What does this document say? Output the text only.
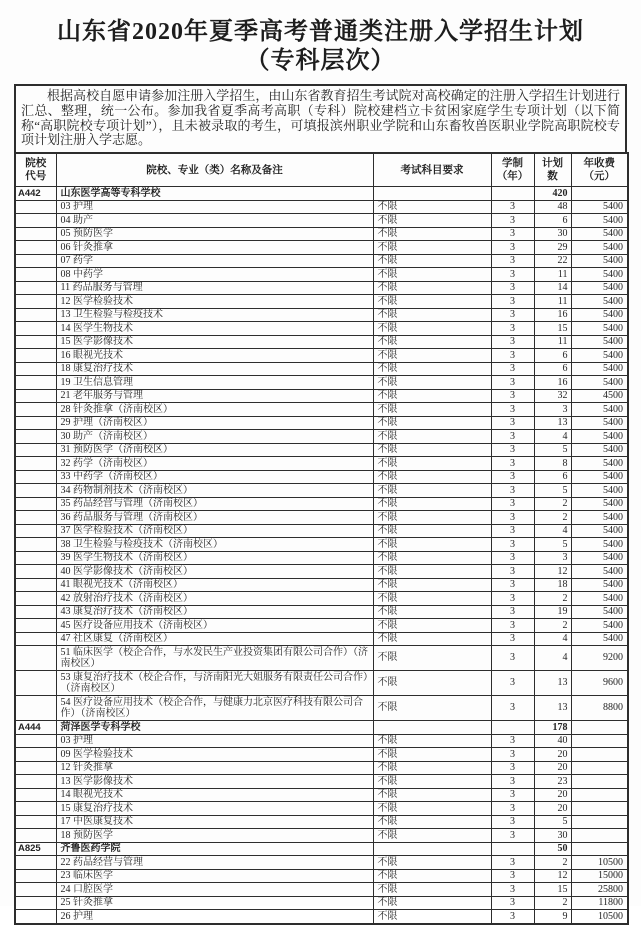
山东省2020年夏季高考普通类注册入学招生计划
（专科层次）

根据高校自愿申请参加注册入学招生，由山东省教育招生考试院对高校确定的注册入学招生计划进行汇总、整理，统一公布。参加我省夏季高考高职（专科）院校建档立卡贫困家庭学生专项计划（以下简称“高职院校专项计划”），且未被录取的考生，可填报滨州职业学院和山东畜牧兽医职业学院高职院校专项计划注册入学志愿。

院校
代号	院校、专业（类）名称及备注	考试科目要求	学制
（年）	计划
数	年收费
（元）
A442	山东医学高等专科学校			420	
	03 护理	不限	3	48	5400
	04 助产	不限	3	6	5400
	05 预防医学	不限	3	30	5400
	06 针灸推拿	不限	3	29	5400
	07 药学	不限	3	22	5400
	08 中药学	不限	3	11	5400
	11 药品服务与管理	不限	3	14	5400
	12 医学检验技术	不限	3	11	5400
	13 卫生检验与检疫技术	不限	3	16	5400
	14 医学生物技术	不限	3	15	5400
	15 医学影像技术	不限	3	11	5400
	16 眼视光技术	不限	3	6	5400
	18 康复治疗技术	不限	3	6	5400
	19 卫生信息管理	不限	3	16	5400
	21 老年服务与管理	不限	3	32	4500
	28 针灸推拿（济南校区）	不限	3	3	5400
	29 护理（济南校区）	不限	3	13	5400
	30 助产（济南校区）	不限	3	4	5400
	31 预防医学（济南校区）	不限	3	5	5400
	32 药学（济南校区）	不限	3	8	5400
	33 中药学（济南校区）	不限	3	6	5400
	34 药物制剂技术（济南校区）	不限	3	5	5400
	35 药品经营与管理（济南校区）	不限	3	2	5400
	36 药品服务与管理（济南校区）	不限	3	2	5400
	37 医学检验技术（济南校区）	不限	3	4	5400
	38 卫生检验与检疫技术（济南校区）	不限	3	5	5400
	39 医学生物技术（济南校区）	不限	3	3	5400
	40 医学影像技术（济南校区）	不限	3	12	5400
	41 眼视光技术（济南校区）	不限	3	18	5400
	42 放射治疗技术（济南校区）	不限	3	2	5400
	43 康复治疗技术（济南校区）	不限	3	19	5400
	45 医疗设备应用技术（济南校区）	不限	3	2	5400
	47 社区康复（济南校区）	不限	3	4	5400
	51 临床医学（校企合作，与水发民生产业投资集团有限公司合作）（济南校区）	不限	3	4	9200
	53 康复治疗技术（校企合作，与济南阳光大姐服务有限责任公司合作）（济南校区）	不限	3	13	9600
	54 医疗设备应用技术（校企合作，与健康力北京医疗科技有限公司合作）（济南校区）	不限	3	13	8800
A444	菏泽医学专科学校			178	
	03 护理	不限	3	40	
	09 医学检验技术	不限	3	20	
	12 针灸推拿	不限	3	20	
	13 医学影像技术	不限	3	23	
	14 眼视光技术	不限	3	20	
	15 康复治疗技术	不限	3	20	
	17 中医康复技术	不限	3	5	
	18 预防医学	不限	3	30	
A825	齐鲁医药学院			50	
	22 药品经营与管理	不限	3	2	10500
	23 临床医学	不限	3	12	15000
	24 口腔医学	不限	3	15	25800
	25 针灸推拿	不限	3	2	11800
	26 护理	不限	3	9	10500
